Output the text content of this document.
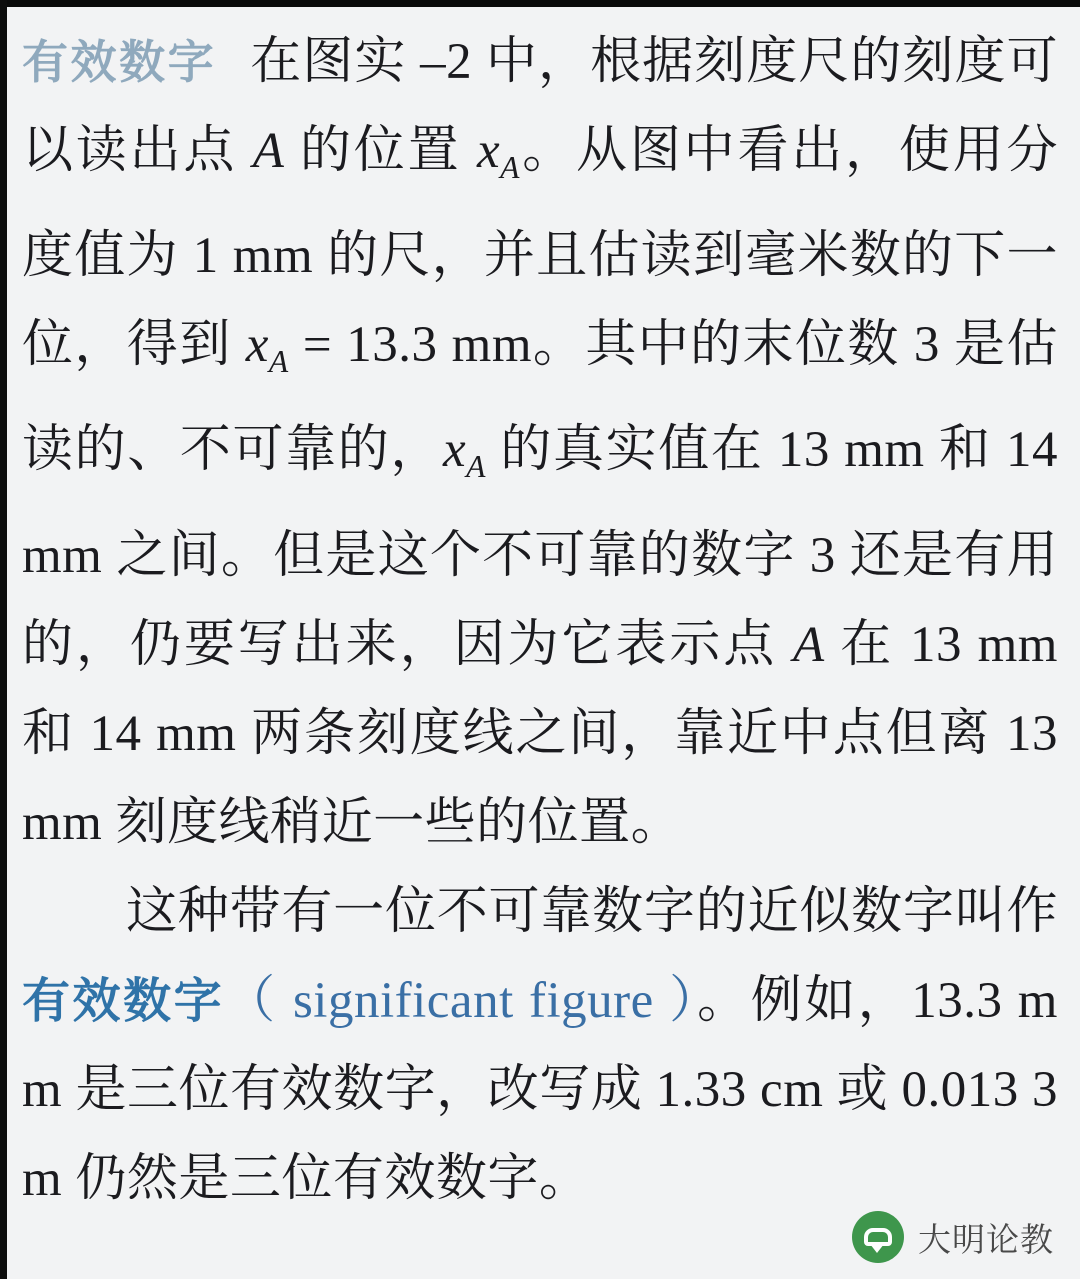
有效数字 在图实 –2 中，根据刻度尺的刻度可以读出点 A 的位置 $x_A$。从图中看出，使用分度值为 1 mm 的尺，并且估读到毫米数的下一位，得到 $x_A = 13.3$ mm。其中的末位数 3 是估读的、不可靠的，$x_A$ 的真实值在 13 mm 和 14 mm 之间。但是这个不可靠的数字 3 还是有用的，仍要写出来，因为它表示点 A 在 13 mm 和 14 mm 两条刻度线之间，靠近中点但离 13 mm 刻度线稍近一些的位置。

这种带有一位不可靠数字的近似数字叫作有效数字（ significant figure ）。例如，13.3 mm 是三位有效数字，改写成 1.33 cm 或 0.013 3 m 仍然是三位有效数字。

大明论教
